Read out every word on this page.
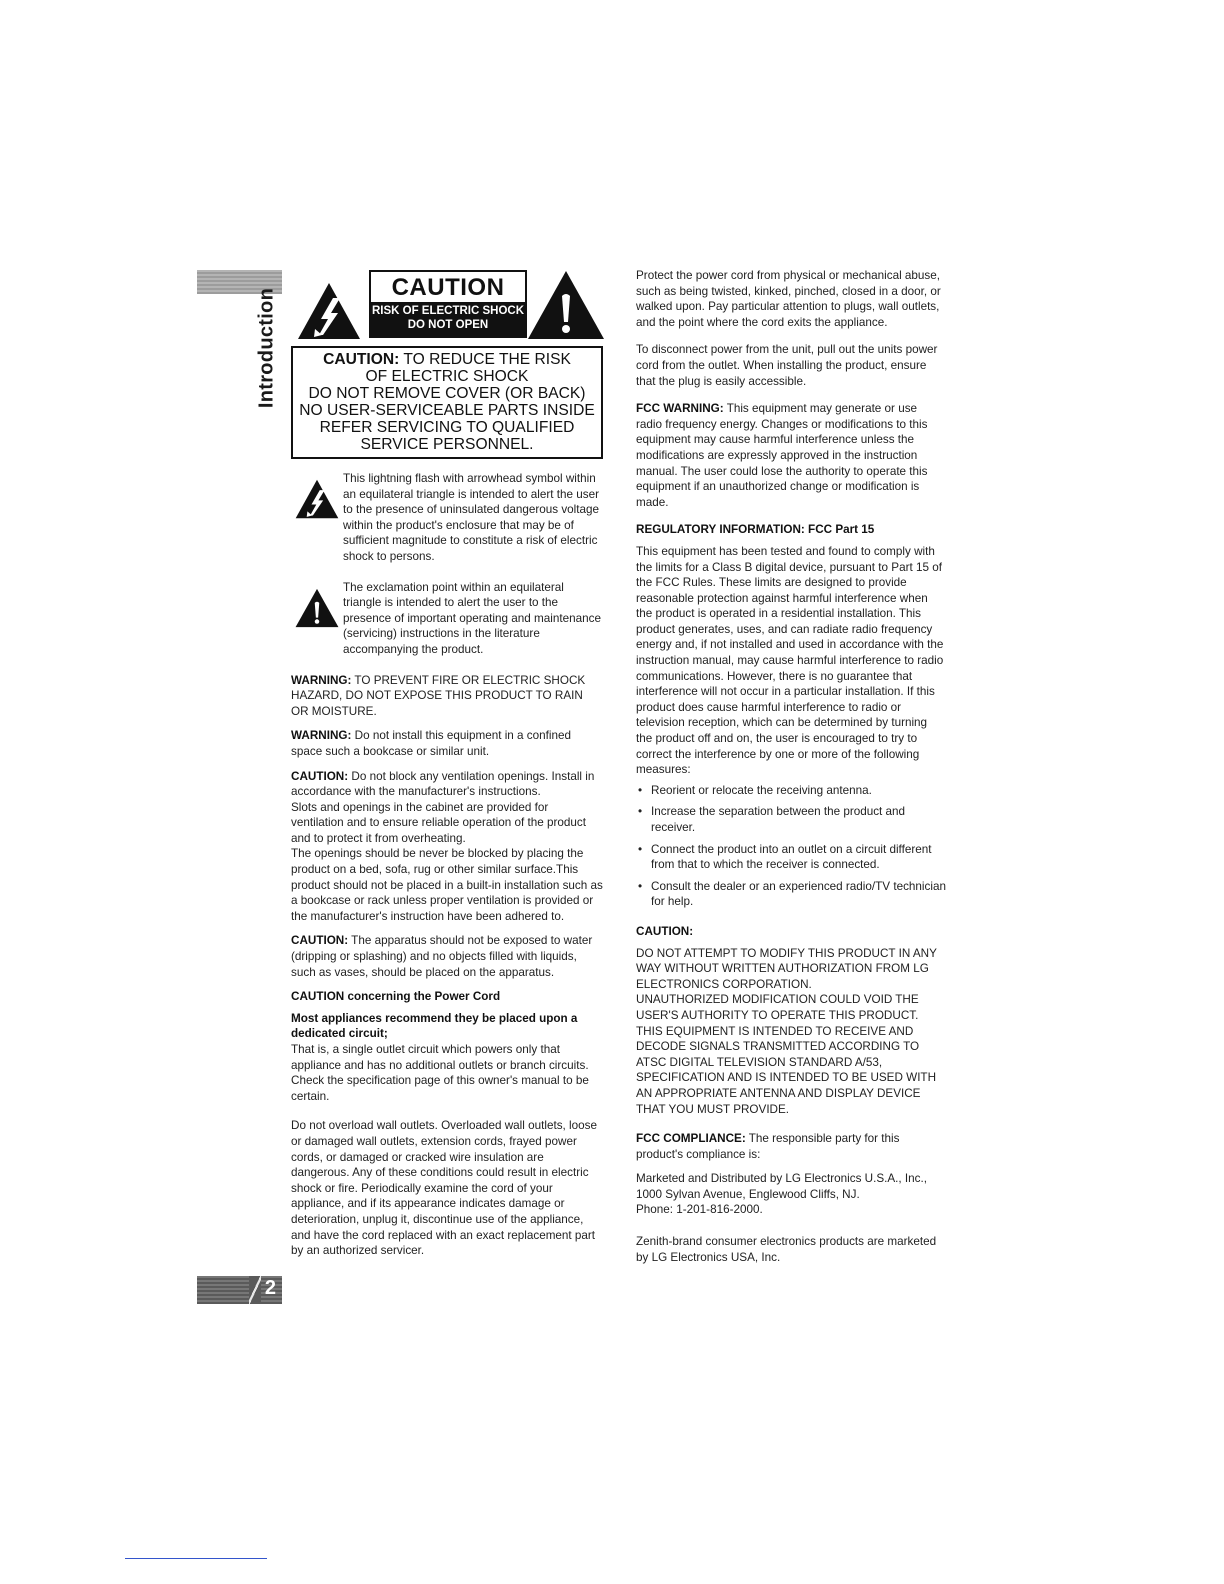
Introduction
2
CAUTION
RISK OF ELECTRIC SHOCK
DO NOT OPEN
CAUTION: TO REDUCE THE RISK
OF ELECTRIC SHOCK
DO NOT REMOVE COVER (OR BACK)
NO USER-SERVICEABLE PARTS INSIDE
REFER SERVICING TO QUALIFIED
SERVICE PERSONNEL.
This lightning flash with arrowhead symbol within an equilateral triangle is intended to alert the user to the presence of uninsulated dangerous voltage within the product's enclosure that may be of sufficient magnitude to constitute a risk of electric shock to persons.
The exclamation point within an equilateral triangle is intended to alert the user to the presence of important operating and maintenance (servicing) instructions in the literature accompanying the product.

WARNING: TO PREVENT FIRE OR ELECTRIC SHOCK HAZARD, DO NOT EXPOSE THIS PRODUCT TO RAIN OR MOISTURE.

WARNING: Do not install this equipment in a confined space such a bookcase or similar unit.

CAUTION: Do not block any ventilation openings. Install in accordance with the manufacturer's instructions.

Slots and openings in the cabinet are provided for ventilation and to ensure reliable operation of the product and to protect it from overheating.

The openings should be never be blocked by placing the product on a bed, sofa, rug or other similar surface.This product should not be placed in a built-in installation such as a bookcase or rack unless proper ventilation is provided or the manufacturer's instruction have been adhered to.

CAUTION: The apparatus should not be exposed to water (dripping or splashing) and no objects filled with liquids, such as vases, should be placed on the apparatus.

CAUTION concerning the Power Cord
Most appliances recommend they be placed upon a dedicated circuit;

That is, a single outlet circuit which powers only that appliance and has no additional outlets or branch circuits. Check the specification page of this owner's manual to be certain.

Do not overload wall outlets. Overloaded wall outlets, loose or damaged wall outlets, extension cords, frayed power cords, or damaged or cracked wire insulation are dangerous. Any of these conditions could result in electric shock or fire. Periodically examine the cord of your appliance, and if its appearance indicates damage or deterioration, unplug it, discontinue use of the appliance, and have the cord replaced with an exact replacement part by an authorized servicer.

Protect the power cord from physical or mechanical abuse, such as being twisted, kinked, pinched, closed in a door, or walked upon. Pay particular attention to plugs, wall outlets, and the point where the cord exits the appliance.

To disconnect power from the unit, pull out the units power cord from the outlet. When installing the product, ensure that the plug is easily accessible.

FCC WARNING: This equipment may generate or use radio frequency energy. Changes or modifications to this equipment may cause harmful interference unless the modifications are expressly approved in the instruction manual. The user could lose the authority to operate this equipment if an unauthorized change or modification is made.

REGULATORY INFORMATION: FCC Part 15

This equipment has been tested and found to comply with the limits for a Class B digital device, pursuant to Part 15 of the FCC Rules. These limits are designed to provide reasonable protection against harmful interference when the product is operated in a residential installation. This product generates, uses, and can radiate radio frequency energy and, if not installed and used in accordance with the instruction manual, may cause harmful interference to radio communications. However, there is no guarantee that interference will not occur in a particular installation. If this product does cause harmful interference to radio or television reception, which can be determined by turning the product off and on, the user is encouraged to try to correct the interference by one or more of the following measures:

• Reorient or relocate the receiving antenna.
• Increase the separation between the product and receiver.
• Connect the product into an outlet on a circuit different from that to which the receiver is connected.
• Consult the dealer or an experienced radio/TV technician for help.
CAUTION:

DO NOT ATTEMPT TO MODIFY THIS PRODUCT IN ANY WAY WITHOUT WRITTEN AUTHORIZATION FROM LG ELECTRONICS CORPORATION.

UNAUTHORIZED MODIFICATION COULD VOID THE USER'S AUTHORITY TO OPERATE THIS PRODUCT. THIS EQUIPMENT IS INTENDED TO RECEIVE AND DECODE SIGNALS TRANSMITTED ACCORDING TO ATSC DIGITAL TELEVISION STANDARD A/53, SPECIFICATION AND IS INTENDED TO BE USED WITH AN APPROPRIATE ANTENNA AND DISPLAY DEVICE THAT YOU MUST PROVIDE.

FCC COMPLIANCE: The responsible party for this product's compliance is:

Marketed and Distributed by LG Electronics U.S.A., Inc.,
1000 Sylvan Avenue, Englewood Cliffs, NJ.
Phone: 1-201-816-2000.

Zenith-brand consumer electronics products are marketed by LG Electronics USA, Inc.
